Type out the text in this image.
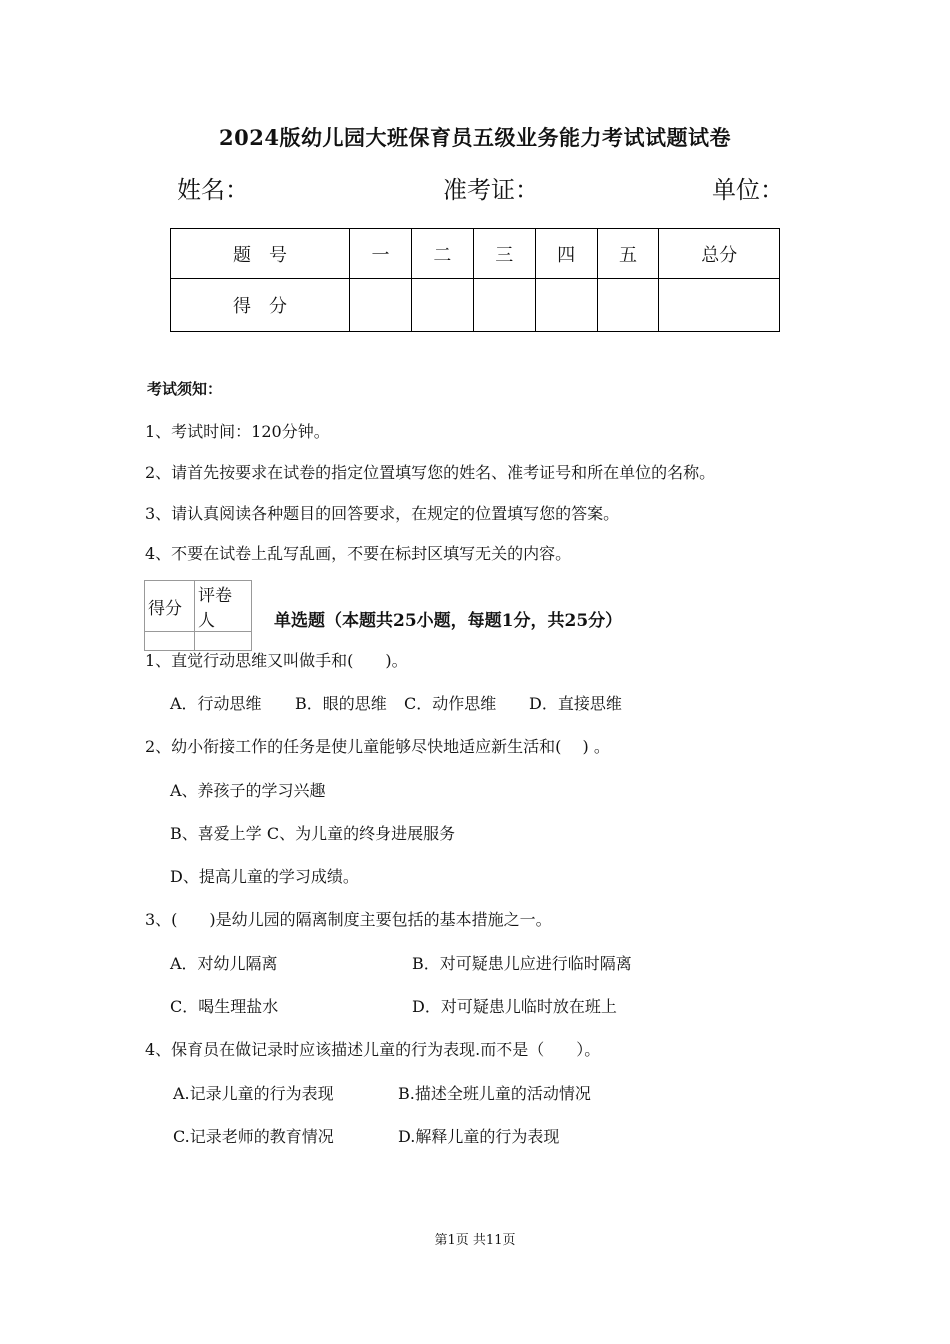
2024版幼儿园大班保育员五级业务能力考试试题试卷
姓名：	准考证：	单位：
题　号	一	二	三	四	五	总分
得　分						
考试须知：
1、考试时间：120分钟。
2、请首先按要求在试卷的指定位置填写您的姓名、准考证号和所在单位的名称。
3、请认真阅读各种题目的回答要求，在规定的位置填写您的答案。
4、不要在试卷上乱写乱画，不要在标封区填写无关的内容。
得分	评卷人
		单选题（本题共25小题，每题1分，共25分）
1、直觉行动思维又叫做手和(　　)。
A．行动思维 B．眼的思维 C．动作思维 D．直接思维
2、幼小衔接工作的任务是使儿童能够尽快地适应新生活和(　 ) 。
A、养孩子的学习兴趣
B、喜爱上学 C、为儿童的终身进展服务
D、提高儿童的学习成绩。
3、(　　)是幼儿园的隔离制度主要包括的基本措施之一。
A．对幼儿隔离	B．对可疑患儿应进行临时隔离
C．喝生理盐水	D．对可疑患儿临时放在班上
4、保育员在做记录时应该描述儿童的行为表现.而不是（　　）。
A.记录儿童的行为表现	B.描述全班儿童的活动情况
C.记录老师的教育情况	D.解释儿童的行为表现
第1页 共11页
